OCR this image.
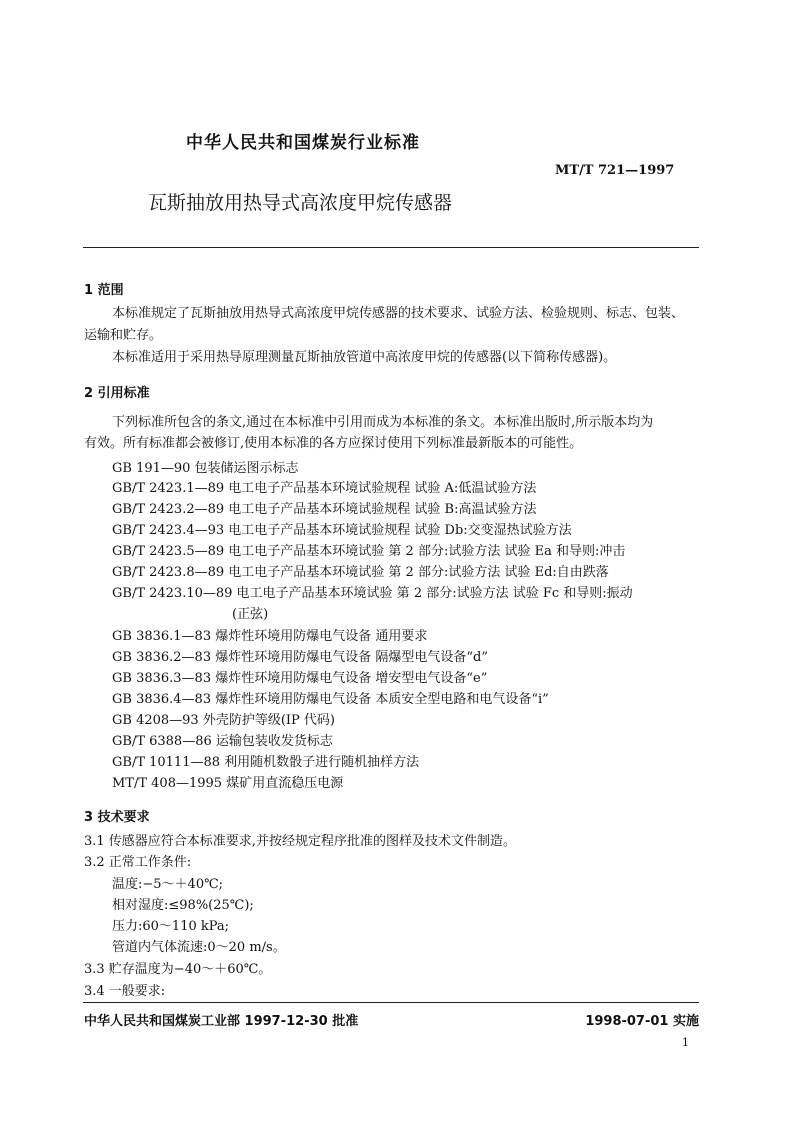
中华人民共和国煤炭行业标准
MT/T 721—1997
瓦斯抽放用热导式高浓度甲烷传感器
1 范围
本标准规定了瓦斯抽放用热导式高浓度甲烷传感器的技术要求、试验方法、检验规则、标志、包装、
运输和贮存。
本标准适用于采用热导原理测量瓦斯抽放管道中高浓度甲烷的传感器(以下简称传感器)。
2 引用标准
下列标准所包含的条文,通过在本标准中引用而成为本标准的条文。本标准出版时,所示版本均为
有效。所有标准都会被修订,使用本标准的各方应探讨使用下列标准最新版本的可能性。
GB 191—90 包装储运图示标志
GB/T 2423.1—89 电工电子产品基本环境试验规程 试验 A:低温试验方法
GB/T 2423.2—89 电工电子产品基本环境试验规程 试验 B:高温试验方法
GB/T 2423.4—93 电工电子产品基本环境试验规程 试验 Db:交变湿热试验方法
GB/T 2423.5—89 电工电子产品基本环境试验 第 2 部分:试验方法 试验 Ea 和导则:冲击
GB/T 2423.8—89 电工电子产品基本环境试验 第 2 部分:试验方法 试验 Ed:自由跌落
GB/T 2423.10—89 电工电子产品基本环境试验 第 2 部分:试验方法 试验 Fc 和导则:振动
(正弦)
GB 3836.1—83 爆炸性环境用防爆电气设备 通用要求
GB 3836.2—83 爆炸性环境用防爆电气设备 隔爆型电气设备“d”
GB 3836.3—83 爆炸性环境用防爆电气设备 增安型电气设备“e”
GB 3836.4—83 爆炸性环境用防爆电气设备 本质安全型电路和电气设备“i”
GB 4208—93 外壳防护等级(IP 代码)
GB/T 6388—86 运输包装收发货标志
GB/T 10111—88 利用随机数骰子进行随机抽样方法
MT/T 408—1995 煤矿用直流稳压电源
3 技术要求
3.1 传感器应符合本标准要求,并按经规定程序批准的图样及技术文件制造。
3.2 正常工作条件:
温度:−5～＋40℃;
相对湿度:≤98%(25℃);
压力:60～110 kPa;
管道内气体流速:0～20 m/s。
3.3 贮存温度为−40～＋60℃。
3.4 一般要求:
中华人民共和国煤炭工业部 1997-12-30 批准	1998-07-01 实施
1
